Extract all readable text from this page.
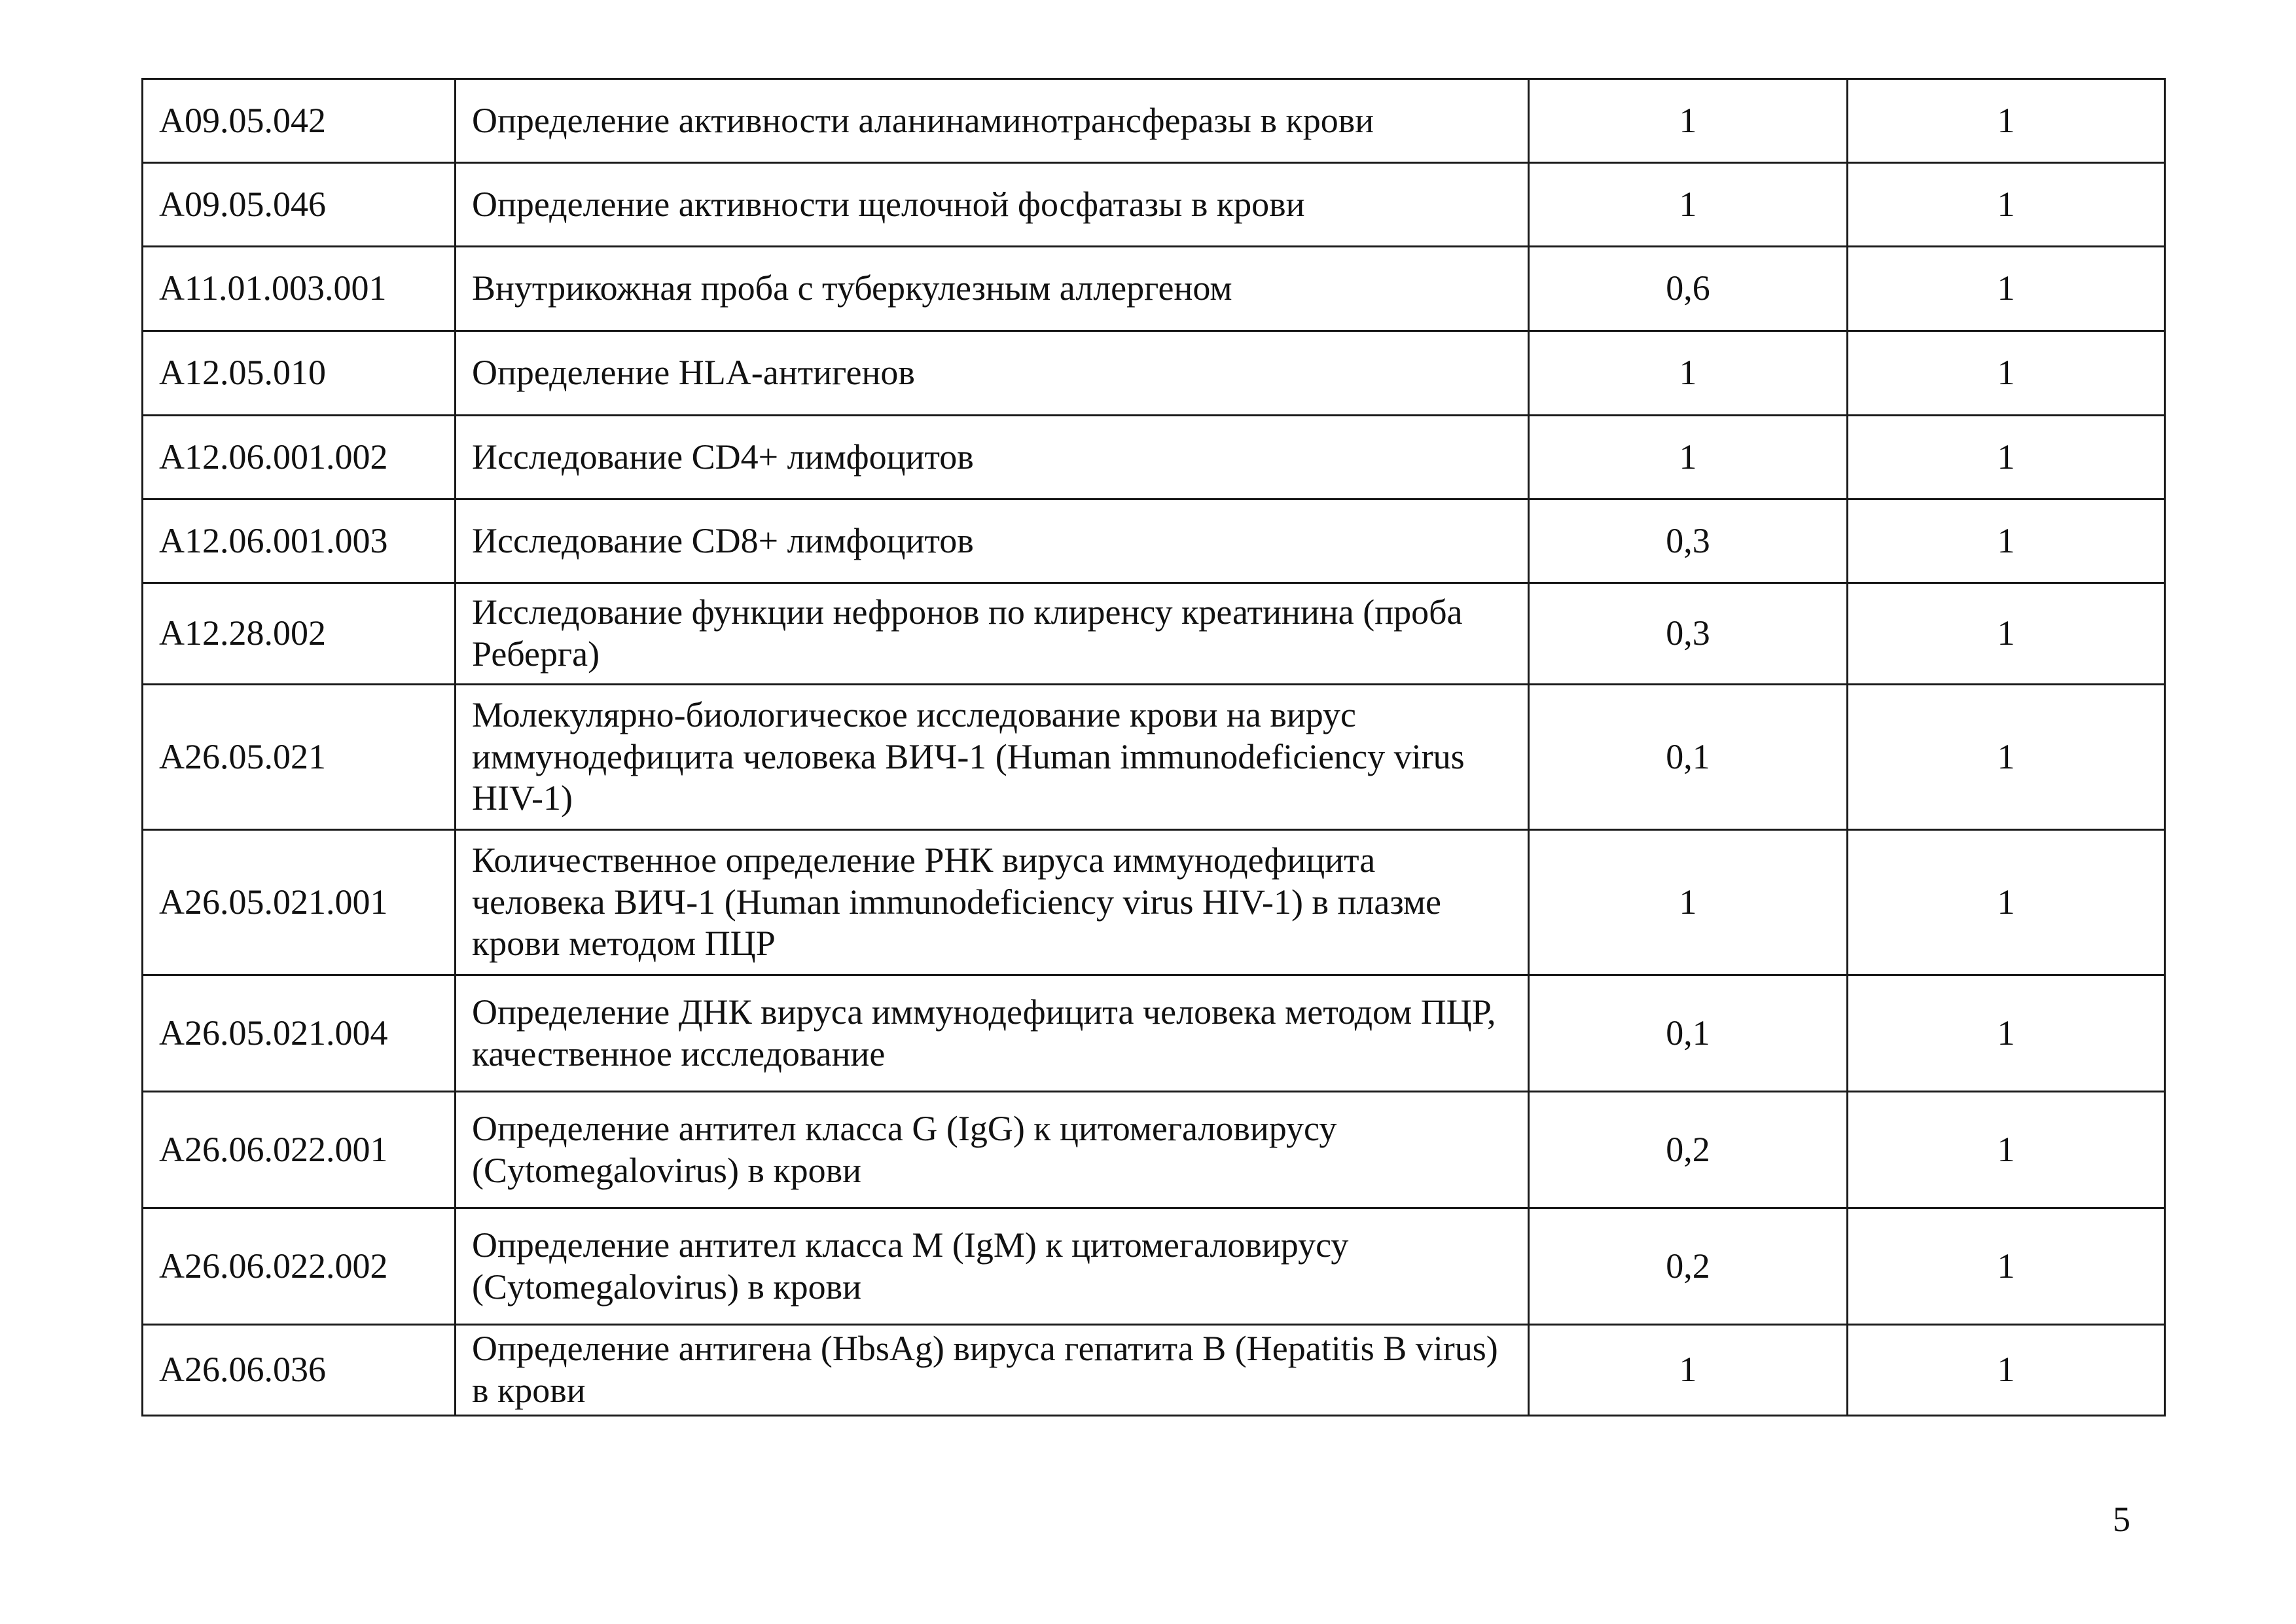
А09.05.042	Определение активности аланинаминотрансферазы в крови	1	1
А09.05.046	Определение активности щелочной фосфатазы в крови	1	1
А11.01.003.001	Внутрикожная проба с туберкулезным аллергеном	0,6	1
А12.05.010	Определение HLA-антигенов	1	1
А12.06.001.002	Исследование CD4+ лимфоцитов	1	1
А12.06.001.003	Исследование CD8+ лимфоцитов	0,3	1
А12.28.002	Исследование функции нефронов по клиренсу креатинина (проба Реберга)	0,3	1
А26.05.021	Молекулярно-биологическое исследование крови на вирус иммунодефицита человека ВИЧ-1 (Human immunodeficiency virus HIV-1)	0,1	1
А26.05.021.001	Количественное определение РНК вируса иммунодефицита человека ВИЧ-1 (Human immunodeficiency virus HIV-1) в плазме крови методом ПЦР	1	1
А26.05.021.004	Определение ДНК вируса иммунодефицита человека методом ПЦР, качественное исследование	0,1	1
А26.06.022.001	Определение антител класса G (IgG) к цитомегаловирусу (Cytomegalovirus) в крови	0,2	1
А26.06.022.002	Определение антител класса M (IgM) к цитомегаловирусу (Cytomegalovirus) в крови	0,2	1
А26.06.036	Определение антигена (HbsAg) вируса гепатита В (Hepatitis B virus) в крови	1	1
5
